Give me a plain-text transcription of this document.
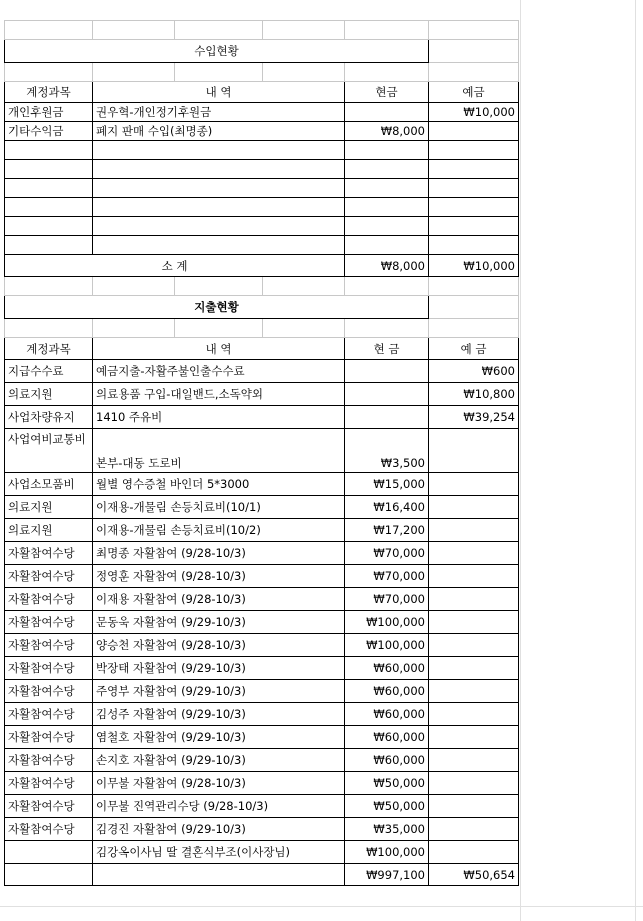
수입현황					

계정과목	내 역			현금	예금
개인후원금	권우혁-개인정기후원금				₩10,000
기타수익금	폐지 판매 수입(최명종)			₩8,000	

소 계				₩8,000	₩10,000

지출현황					

계정과목	내 역			현 금	예 금
지급수수료	예금지출-자활주불인출수수료				₩600
의료지원	의료용품 구입-대일밴드,소독약외				₩10,800
사업차량유지	1410 주유비				₩39,254
사업여비교통비	본부-대동 도로비			₩3,500	
사업소모품비	월별 영수증철 바인더 5*3000			₩15,000	
의료지원	이재용-개물림 손등치료비(10/1)			₩16,400	
의료지원	이재용-개물림 손등치료비(10/2)			₩17,200	
자활참여수당	최명종 자활참여 (9/28-10/3)			₩70,000	
자활참여수당	정영훈 자활참여 (9/28-10/3)			₩70,000	
자활참여수당	이재용 자활참여 (9/28-10/3)			₩70,000	
자활참여수당	문동욱 자활참여 (9/29-10/3)			₩100,000	
자활참여수당	양승천 자활참여 (9/28-10/3)			₩100,000	
자활참여수당	박장태 자활참여 (9/29-10/3)			₩60,000	
자활참여수당	주영부 자활참여 (9/29-10/3)			₩60,000	
자활참여수당	김성주 자활참여 (9/29-10/3)			₩60,000	
자활참여수당	염철호 자활참여 (9/29-10/3)			₩60,000	
자활참여수당	손지호 자활참여 (9/29-10/3)			₩60,000	
자활참여수당	이무불 자활참여 (9/28-10/3)			₩50,000	
자활참여수당	이무불 진역관리수당 (9/28-10/3)			₩50,000	
자활참여수당	김경진 자활참여 (9/29-10/3)			₩35,000	
	김강옥이사님 딸 결혼식부조(이사장님)			₩100,000	
				₩997,100	₩50,654
